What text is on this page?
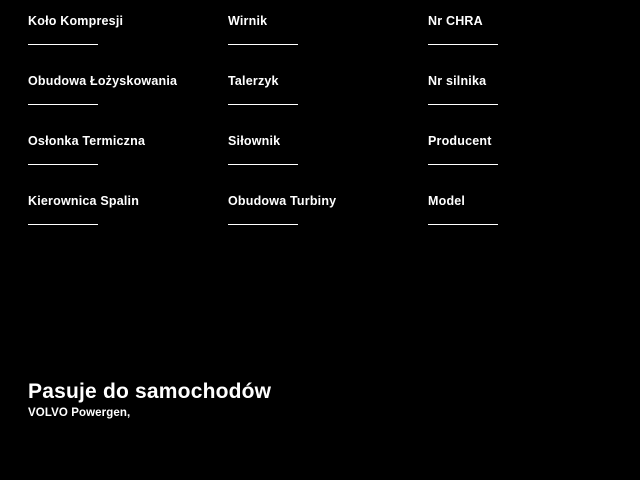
Koło Kompresji	Wirnik	Nr CHRA
Obudowa Łożyskowania	Talerzyk	Nr silnika
Osłonka Termiczna	Siłownik	Producent
Kierownica Spalin	Obudowa Turbiny	Model
Pasuje do samochodów
VOLVO Powergen,
